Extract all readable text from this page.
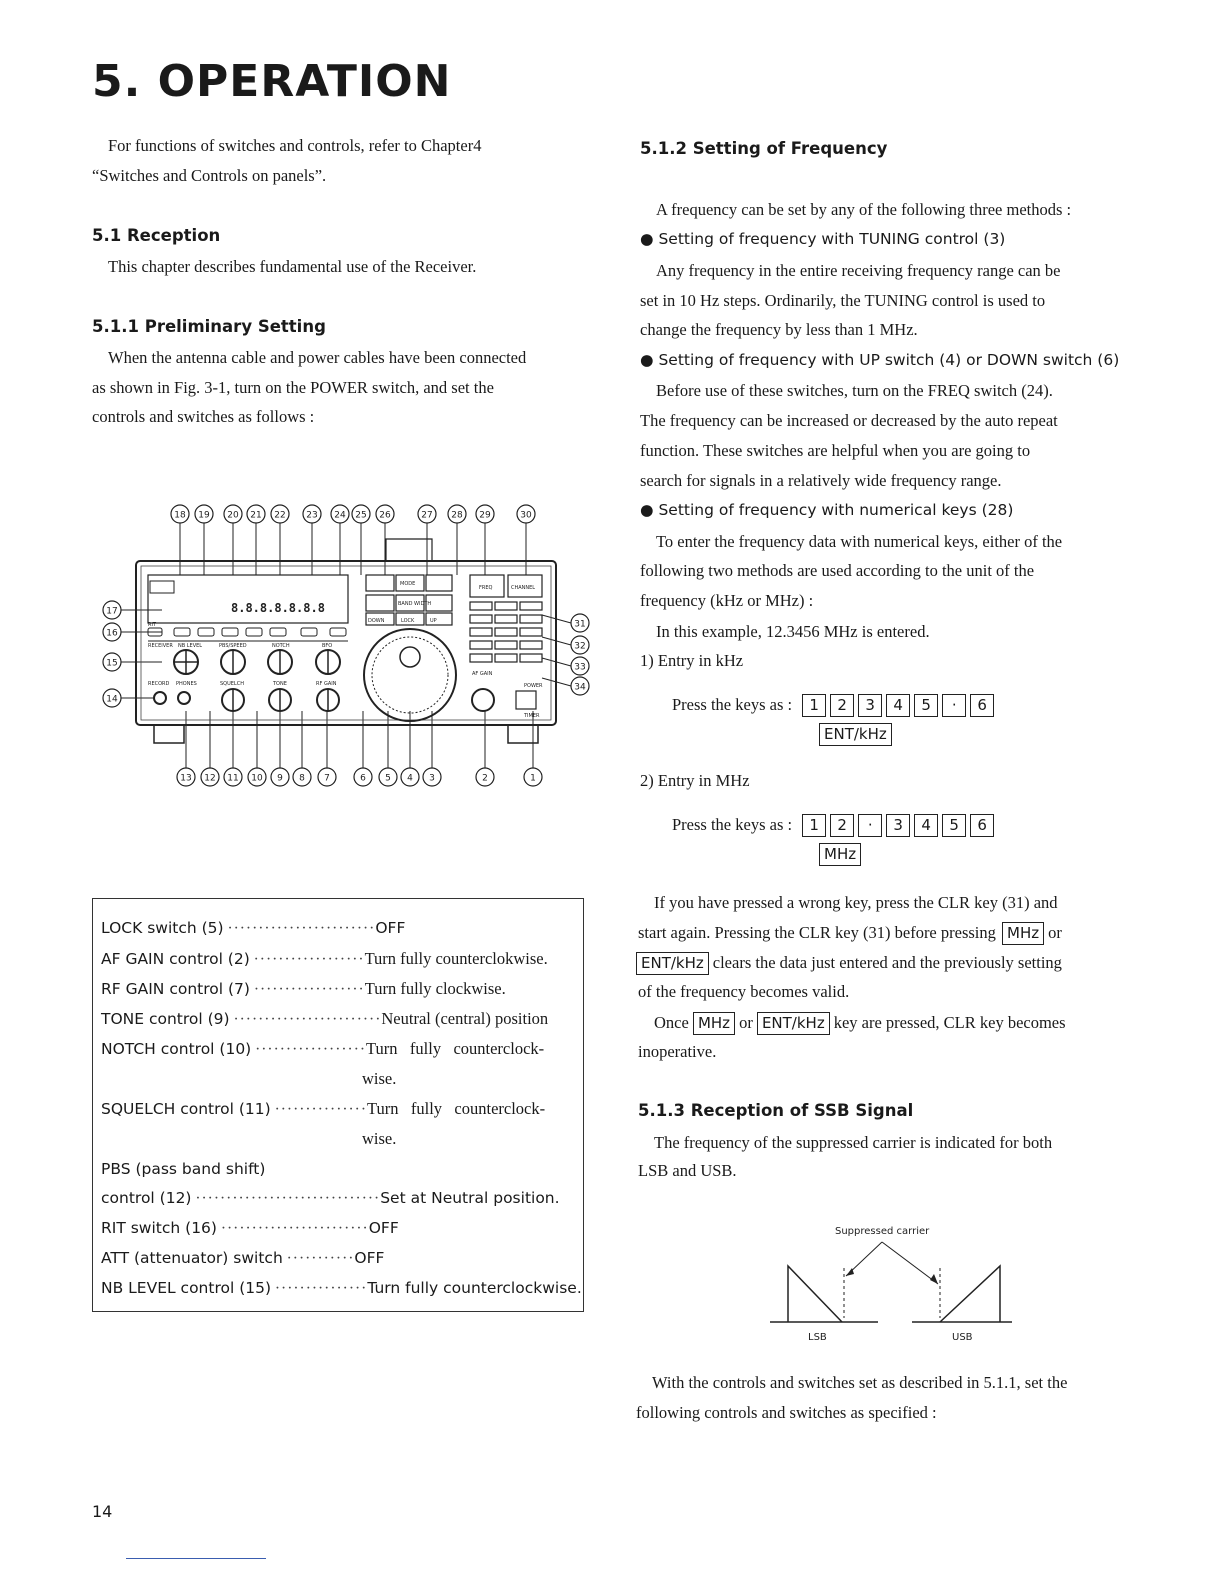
5. OPERATION
For functions of switches and controls, refer to Chapter4
“Switches and Controls on panels”.
5.1 Reception
This chapter describes fundamental use of the Receiver.
5.1.1 Preliminary Setting
When the antenna cable and power cables have been connected
as shown in Fig. 3-1, turn on the POWER switch, and set the
controls and switches as follows :
18 19 20 21 22 23 24 25 26	27 28 29	30
13 12 11 10 9 8 7	6 5 4 3	2	1
17
16
15
14
31
32
33
34
8.8.8.8.8.8.8
RECORD PHONES	SQUELCH	TONE	RF GAIN
RECEIVER NB LEVEL	PBS/SPEED	NOTCH	BFO
RIT
MODE
BAND WIDTH
DOWN	LOCK	UP
FREQ	CHANNEL
AF GAIN
POWER
TIMER
LOCK switch (5) ························OFF
AF GAIN control (2) ··················Turn fully counterclokwise.
RF GAIN control (7) ··················Turn fully clockwise.
TONE control (9) ························Neutral (central) position
NOTCH control (10) ··················Turn   fully   counterclock-
wise.
SQUELCH control (11) ···············Turn   fully   counterclock-
wise.
PBS (pass band shift)
control (12) ······························Set at Neutral position.
RIT switch (16) ························OFF
ATT (attenuator) switch ···········OFF
NB LEVEL control (15) ···············Turn fully counterclockwise.
5.1.2 Setting of Frequency
A frequency can be set by any of the following three methods :
● Setting of frequency with TUNING control (3)
Any frequency in the entire receiving frequency range can be
set in 10 Hz steps. Ordinarily, the TUNING control is used to
change the frequency by less than 1 MHz.
● Setting of frequency with UP switch (4) or DOWN switch (6)
Before use of these switches, turn on the FREQ switch (24).
The frequency can be increased or decreased by the auto repeat
function. These switches are helpful when you are going to
search for signals in a relatively wide frequency range.
● Setting of frequency with numerical keys (28)
To enter the frequency data with numerical keys, either of the
following two methods are used according to the unit of the
frequency (kHz or MHz) :
In this example, 12.3456 MHz is entered.
1) Entry in kHz
Press the keys as : 1 2 3 4 5 · 6
ENT/kHz
2) Entry in MHz
Press the keys as : 1 2 · 3 4 5 6
MHz
If you have pressed a wrong key, press the CLR key (31) and
start again. Pressing the CLR key (31) before pressing MHz or
ENT/kHz clears the data just entered and the previously setting
of the frequency becomes valid.
Once MHz or ENT/kHz key are pressed, CLR key becomes
inoperative.
5.1.3 Reception of SSB Signal
The frequency of the suppressed carrier is indicated for both
LSB and USB.
Suppressed carrier
LSB	USB
With the controls and switches set as described in 5.1.1, set the
following controls and switches as specified :
14
